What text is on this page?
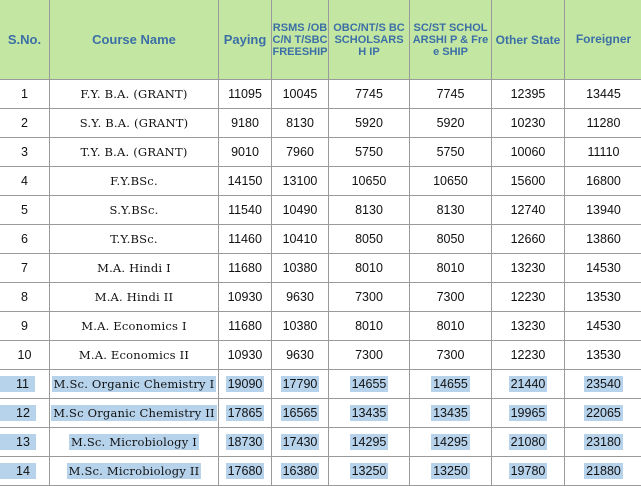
S.No.	Course Name	Paying	RSMS /OBC/N T/SBC FREESHIP	OBC/NT/S BC SCHOLSARSH IP	SC/ST SCHOLARSHI P & Free SHIP	Other State	Foreigner
1	F.Y. B.A. (GRANT)	11095	10045	7745	7745	12395	13445
2	S.Y. B.A. (GRANT)	9180	8130	5920	5920	10230	11280
3	T.Y. B.A. (GRANT)	9010	7960	5750	5750	10060	11110
4	F.Y.BSc.	14150	13100	10650	10650	15600	16800
5	S.Y.BSc.	11540	10490	8130	8130	12740	13940
6	T.Y.BSc.	11460	10410	8050	8050	12660	13860
7	M.A. Hindi I	11680	10380	8010	8010	13230	14530
8	M.A. Hindi II	10930	9630	7300	7300	12230	13530
9	M.A. Economics I	11680	10380	8010	8010	13230	14530
10	M.A. Economics II	10930	9630	7300	7300	12230	13530
11	M.Sc. Organic Chemistry I	19090	17790	14655	14655	21440	23540
12	M.Sc Organic Chemistry II	17865	16565	13435	13435	19965	22065
13	M.Sc. Microbiology I	18730	17430	14295	14295	21080	23180
14	M.Sc. Microbiology II	17680	16380	13250	13250	19780	21880
